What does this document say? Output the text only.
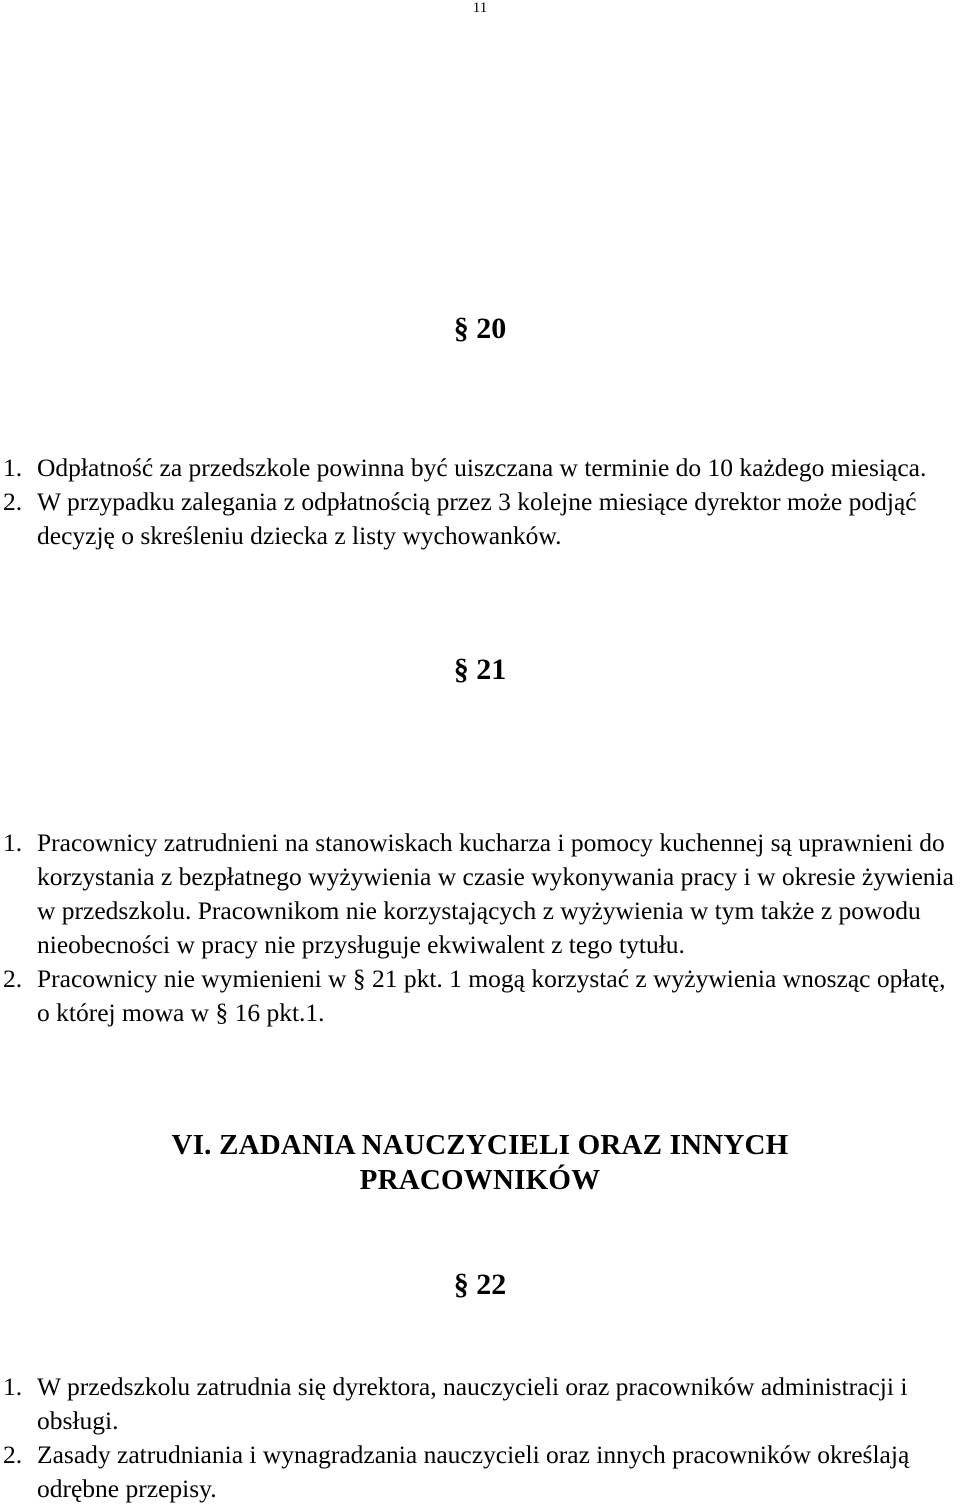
11
§ 20
1. Odpłatność za przedszkole powinna być uiszczana w terminie do 10 każdego miesiąca.
2. W przypadku zalegania z odpłatnością przez 3 kolejne miesiące dyrektor może podjąć decyzję o skreśleniu dziecka z listy wychowanków.
§ 21
1. Pracownicy zatrudnieni na stanowiskach kucharza i pomocy kuchennej są uprawnieni do korzystania z bezpłatnego wyżywienia w czasie wykonywania pracy i w okresie żywienia w przedszkolu. Pracownikom nie korzystających z wyżywienia w tym także z powodu nieobecności w pracy nie przysługuje ekwiwalent z tego tytułu.
2. Pracownicy nie wymienieni w § 21 pkt. 1 mogą korzystać z wyżywienia wnosząc opłatę, o której mowa w § 16 pkt.1.
VI. ZADANIA NAUCZYCIELI ORAZ INNYCH
PRACOWNIKÓW
§ 22
1. W przedszkolu zatrudnia się dyrektora, nauczycieli oraz pracowników administracji i obsługi.
2. Zasady zatrudniania i wynagradzania nauczycieli oraz innych pracowników określają odrębne przepisy.
